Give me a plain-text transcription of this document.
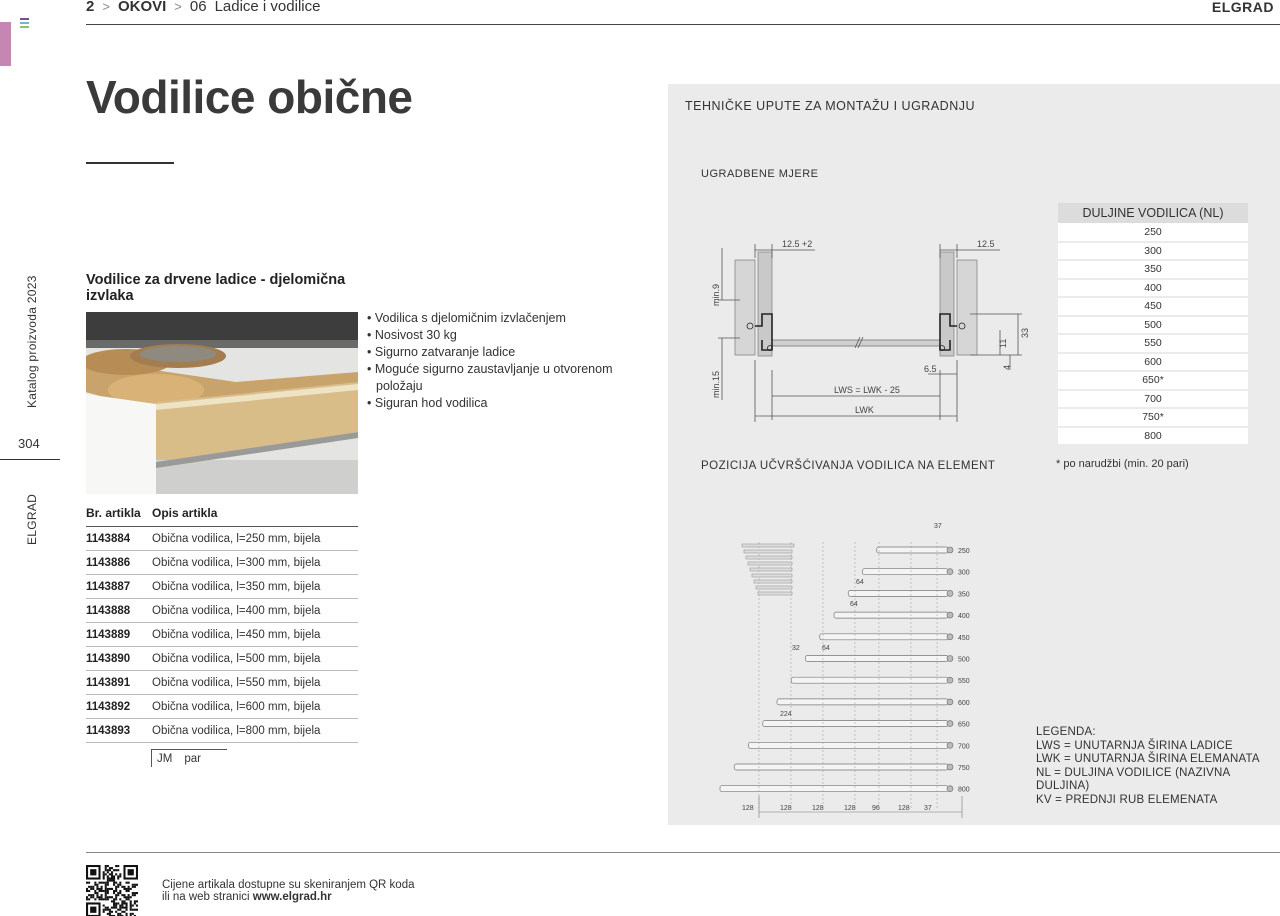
Katalog proizvoda 2023
304
ELGRAD
2 > OKOVI > 06 Ladice i vodilice	ELGRAD
Vodilice obične
Vodilice za drvene ladice - djelomična izvlaka
• Vodilica s djelomičnim izvlačenjem
• Nosivost 30 kg
• Sigurno zatvaranje ladice
• Moguće sigurno zaustavljanje u otvorenom položaju
• Siguran hod vodilica
Br. artikla	Opis artikla
1143884	Obična vodilica, l=250 mm, bijela
1143886	Obična vodilica, l=300 mm, bijela
1143887	Obična vodilica, l=350 mm, bijela
1143888	Obična vodilica, l=400 mm, bijela
1143889	Obična vodilica, l=450 mm, bijela
1143890	Obična vodilica, l=500 mm, bijela
1143891	Obična vodilica, l=550 mm, bijela
1143892	Obična vodilica, l=600 mm, bijela
1143893	Obična vodilica, l=800 mm, bijela
JM par
TEHNIČKE UPUTE ZA MONTAŽU I UGRADNJU
UGRADBENE MJERE
12.5 +2	12.5
min.9
min.15
33
11
4
6.5
LWS = LWK - 25
LWK
DULJINE VODILICA (NL)
250
300
350
400
450
500
550
600
650*
700
750*
800
* po narudžbi (min. 20 pari)
POZICIJA UČVRŠĆIVANJA VODILICA NA ELEMENT
250
300
350
400
450
500
550
600
650
700
750
800
128	128	128	128 96	128 37
37
64
64
32	64
224
LEGENDA:
LWS = UNUTARNJA ŠIRINA LADICE
LWK = UNUTARNJA ŠIRINA ELEMANATA
NL = DULJINA VODILICE (NAZIVNA DULJINA)
KV = PREDNJI RUB ELEMENATA
Cijene artikala dostupne su skeniranjem QR koda
ili na web stranici www.elgrad.hr
